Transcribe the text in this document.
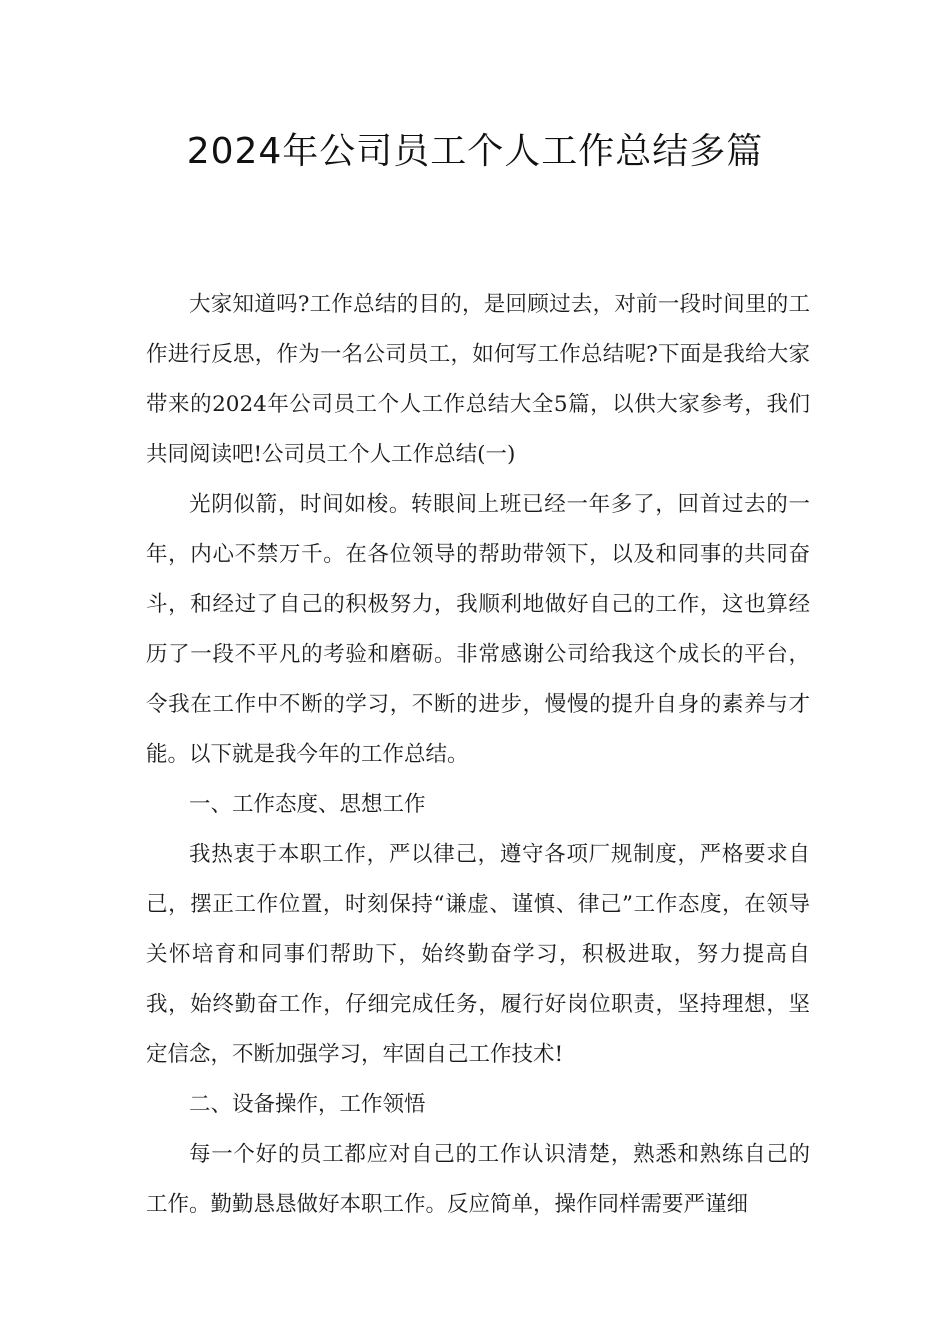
2024年公司员工个人工作总结多篇

大家知道吗?工作总结的目的，是回顾过去，对前一段时间里的工作进行反思，作为一名公司员工，如何写工作总结呢?下面是我给大家带来的2024年公司员工个人工作总结大全5篇，以供大家参考，我们共同阅读吧!公司员工个人工作总结(一)

光阴似箭，时间如梭。转眼间上班已经一年多了，回首过去的一年，内心不禁万千。在各位领导的帮助带领下，以及和同事的共同奋斗，和经过了自己的积极努力，我顺利地做好自己的工作，这也算经历了一段不平凡的考验和磨砺。非常感谢公司给我这个成长的平台，令我在工作中不断的学习，不断的进步，慢慢的提升自身的素养与才能。以下就是我今年的工作总结。

一、工作态度、思想工作

我热衷于本职工作，严以律己，遵守各项厂规制度，严格要求自己，摆正工作位置，时刻保持“谦虚、谨慎、律己”工作态度，在领导关怀培育和同事们帮助下，始终勤奋学习，积极进取，努力提高自我，始终勤奋工作，仔细完成任务，履行好岗位职责，坚持理想，坚定信念，不断加强学习，牢固自己工作技术!

二、设备操作，工作领悟

每一个好的员工都应对自己的工作认识清楚，熟悉和熟练自己的工作。勤勤恳恳做好本职工作。反应简单，操作同样需要严谨细
